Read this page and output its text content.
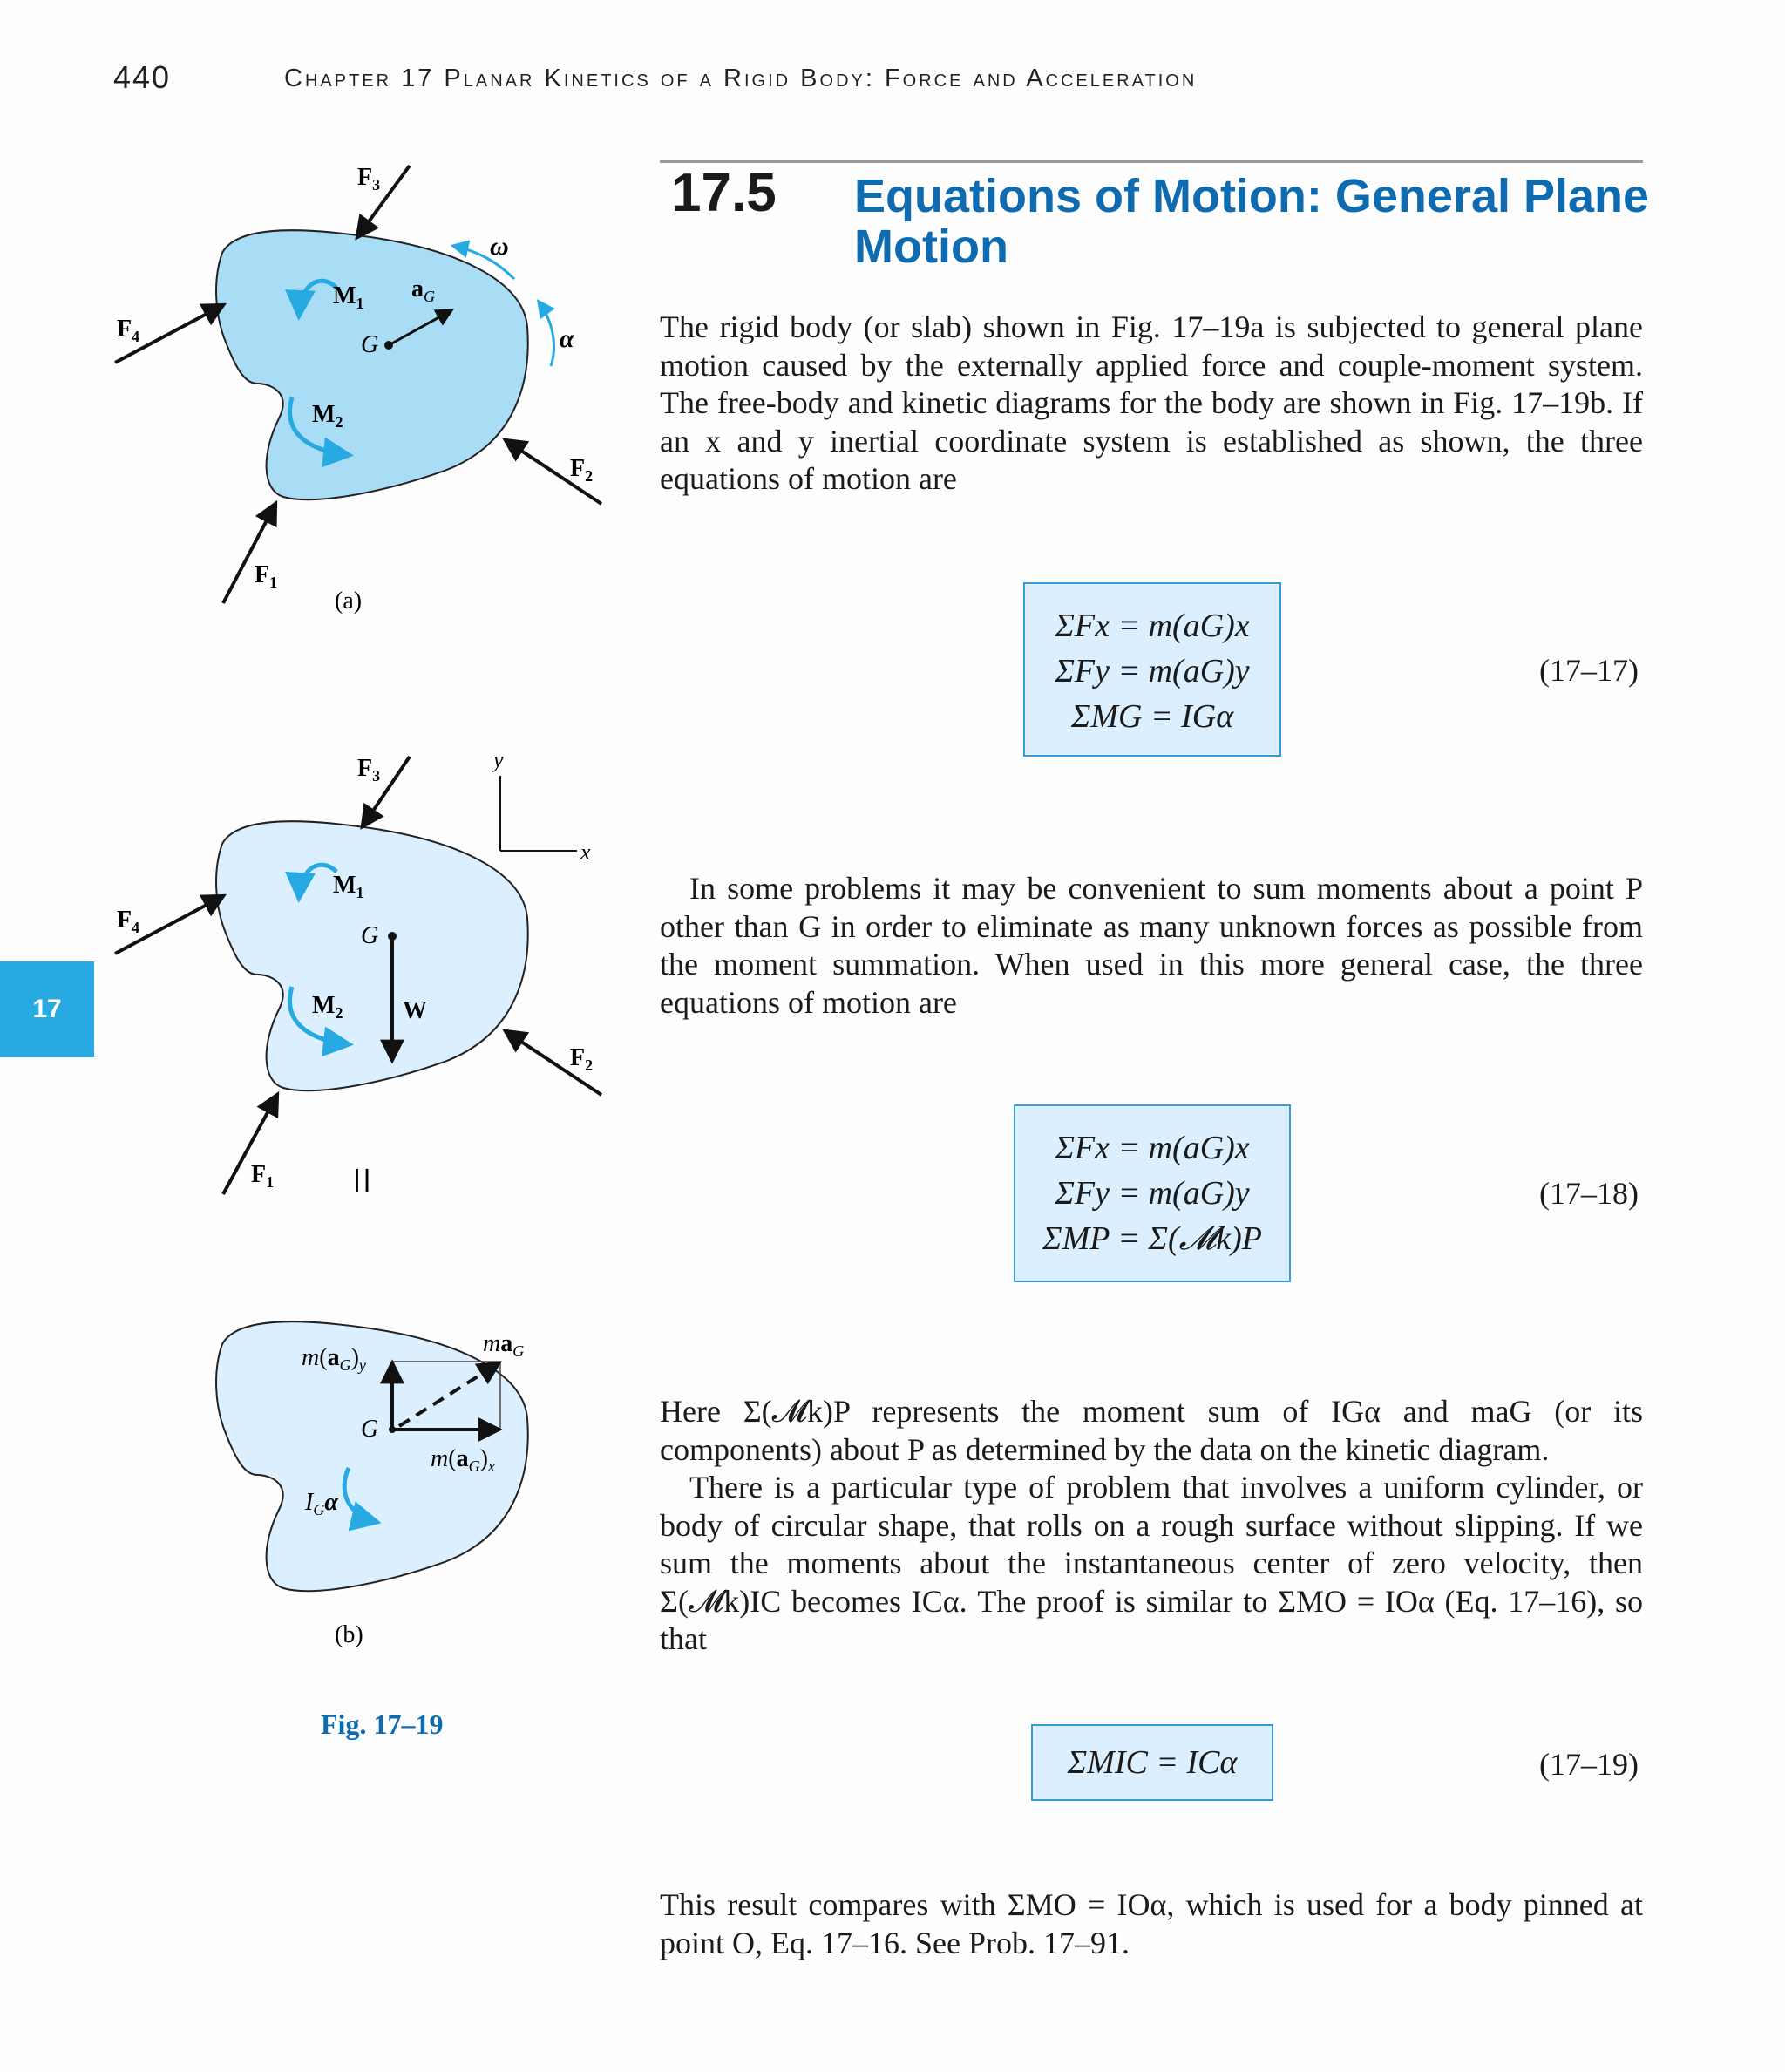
440	Chapter 17 Planar Kinetics of a Rigid Body: Force and Acceleration
17.5 Equations of Motion: General Plane Motion
17

The rigid body (or slab) shown in Fig. 17–19a is subjected to general plane motion caused by the externally applied force and couple-moment system. The free-body and kinetic diagrams for the body are shown in Fig. 17–19b. If an x and y inertial coordinate system is established as shown, the three equations of motion are

ΣFx = m(aG)x
ΣFy = m(aG)y
ΣMG = IGα
(17–17)

In some problems it may be convenient to sum moments about a point P other than G in order to eliminate as many unknown forces as possible from the moment summation. When used in this more general case, the three equations of motion are

ΣFx = m(aG)x
ΣFy = m(aG)y
ΣMP = Σ(𝓜k)P
(17–18)

Here Σ(𝓜k)P represents the moment sum of IGα and maG (or its components) about P as determined by the data on the kinetic diagram.

There is a particular type of problem that involves a uniform cylinder, or body of circular shape, that rolls on a rough surface without slipping. If we sum the moments about the instantaneous center of zero velocity, then Σ(𝓜k)IC becomes ICα. The proof is similar to ΣMO = IOα (Eq. 17–16), so that

ΣMIC = ICα	(17–19)

This result compares with ΣMO = IOα, which is used for a body pinned at point O, Eq. 17–16. See Prob. 17–91.

$F_3$
$F_4$
$F_2$
$F_1$
$M_1$
$M_2$
G
$a_G$
ω
α
(a)
$F_3$
$F_4$
$F_2$
$F_1$
$M_1$
$M_2$
G
W
y
x
=
G
$m(a_G)_y$
$ma_G$
$m(a_G)_x$
$I_G\alpha$
(b)
Fig. 17–19
